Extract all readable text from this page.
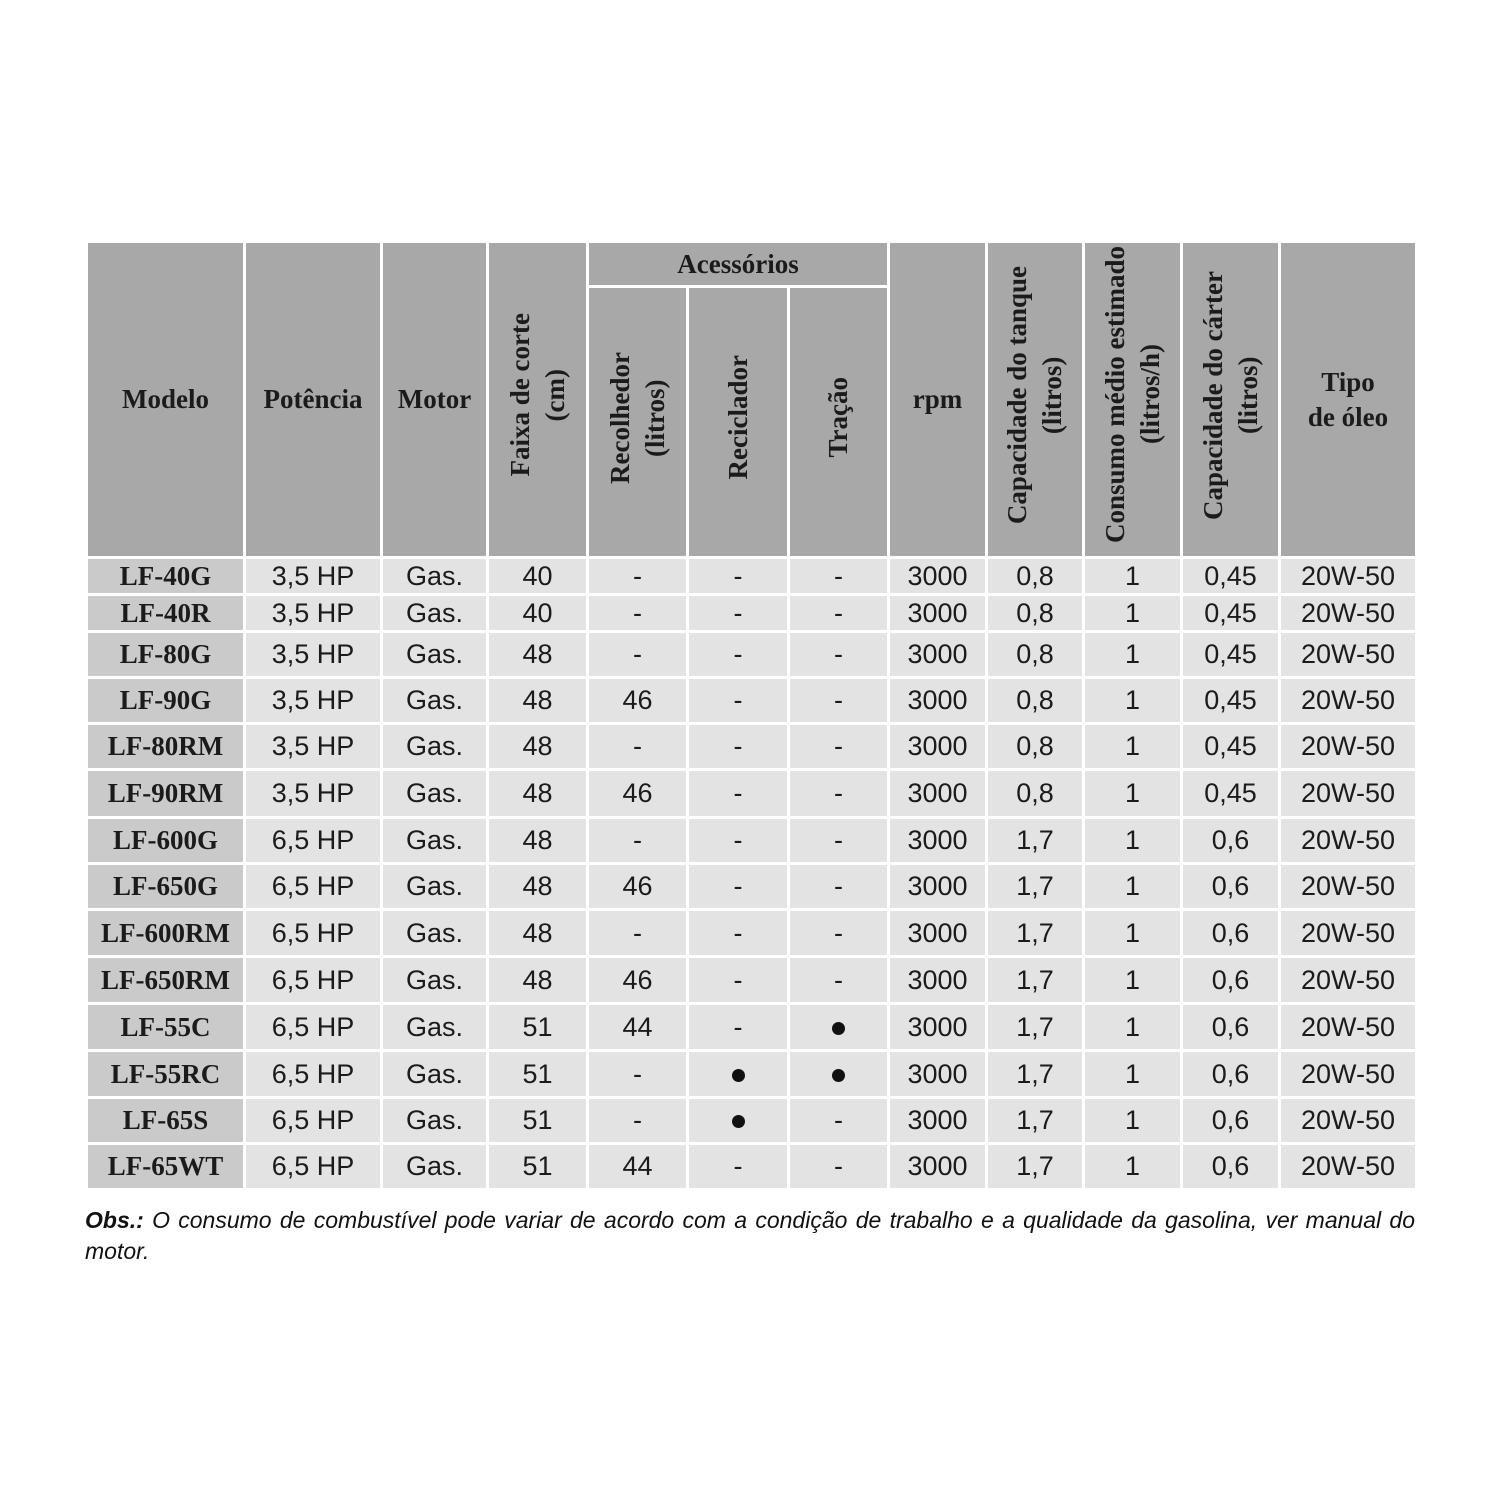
Modelo	Potência	Motor	Faixa de corte (cm)	Acessórios			rpm	Capacidade do tanque (litros)	Consumo médio estimado (litros/h)	Capacidade do cárter (litros)	Tipo
de óleo

				Recolhedor (litros)	Reciclador	Tração					
LF-40G	3,5 HP	Gas.	40	-	-	-	3000	0,8	1	0,45	20W-50
LF-40R	3,5 HP	Gas.	40	-	-	-	3000	0,8	1	0,45	20W-50
LF-80G	3,5 HP	Gas.	48	-	-	-	3000	0,8	1	0,45	20W-50
LF-90G	3,5 HP	Gas.	48	46	-	-	3000	0,8	1	0,45	20W-50
LF-80RM	3,5 HP	Gas.	48	-	-	-	3000	0,8	1	0,45	20W-50
LF-90RM	3,5 HP	Gas.	48	46	-	-	3000	0,8	1	0,45	20W-50
LF-600G	6,5 HP	Gas.	48	-	-	-	3000	1,7	1	0,6	20W-50
LF-650G	6,5 HP	Gas.	48	46	-	-	3000	1,7	1	0,6	20W-50
LF-600RM	6,5 HP	Gas.	48	-	-	-	3000	1,7	1	0,6	20W-50
LF-650RM	6,5 HP	Gas.	48	46	-	-	3000	1,7	1	0,6	20W-50
LF-55C	6,5 HP	Gas.	51	44	-		3000	1,7	1	0,6	20W-50
LF-55RC	6,5 HP	Gas.	51	-			3000	1,7	1	0,6	20W-50
LF-65S	6,5 HP	Gas.	51	-		-	3000	1,7	1	0,6	20W-50
LF-65WT	6,5 HP	Gas.	51	44	-	-	3000	1,7	1	0,6	20W-50

Obs.: O consumo de combustível pode variar de acordo com a condição de trabalho e a qualidade da gasolina, ver manual do motor.
